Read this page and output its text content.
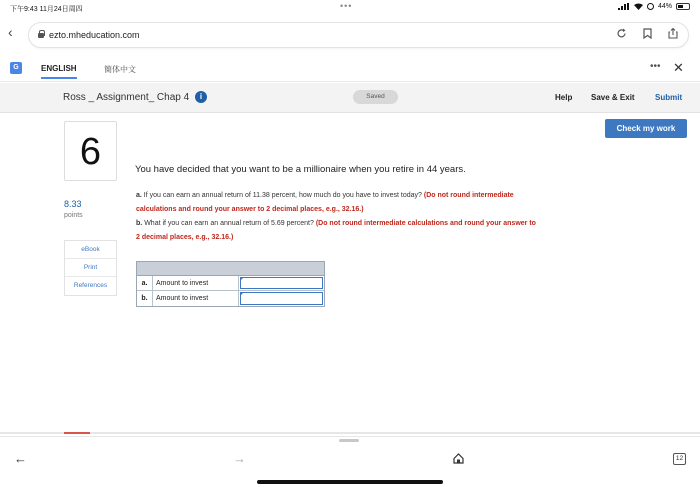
下午9:43 11月24日周四	•••	44%
‹	ezto.mheducation.com
G	ENGLISH	簡体中文	••• ✕
Ross _ Assignment_ Chap 4	i	Saved	Help Save & Exit	Submit
Check my work
6
8.33
points
eBook
Print
References
You have decided that you want to be a millionaire when you retire in 44 years.
a. If you can earn an annual return of 11.38 percent, how much do you have to invest today? (Do not round intermediate calculations and round your answer to 2 decimal places, e.g., 32.16.)
b. What if you can earn an annual return of 5.69 percent? (Do not round intermediate calculations and round your answer to 2 decimal places, e.g., 32.16.)
a.	Amount to invest
b.	Amount to invest
←	→	12
